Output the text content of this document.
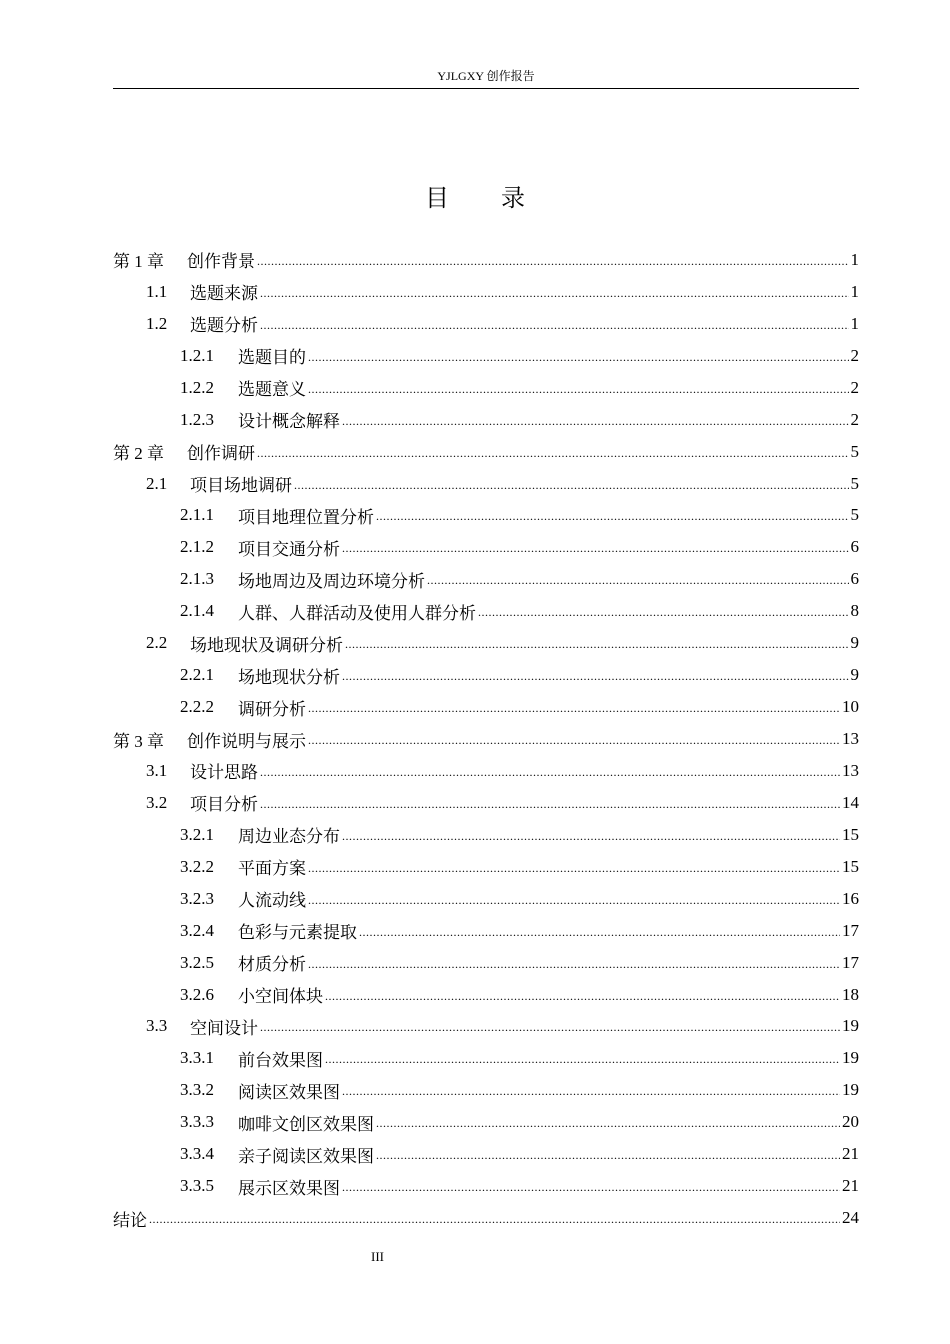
YJLGXY 创作报告
目 录
第 1 章	创作背景 .....	1
1.1	选题来源 .....	1
1.2	选题分析 .....	1
1.2.1	选题目的 .....	2
1.2.2	选题意义 .....	2
1.2.3	设计概念解释 .....	2
第 2 章	创作调研 .....	5
2.1	项目场地调研 .....	5
2.1.1	项目地理位置分析 .....	5
2.1.2	项目交通分析 .....	6
2.1.3	场地周边及周边环境分析 .....	6
2.1.4	人群、人群活动及使用人群分析 .....	8
2.2	场地现状及调研分析 .....	9
2.2.1	场地现状分析 .....	9
2.2.2	调研分析 .....	10
第 3 章	创作说明与展示 .....	13
3.1	设计思路 .....	13
3.2	项目分析 .....	14
3.2.1	周边业态分布 .....	15
3.2.2	平面方案 .....	15
3.2.3	人流动线 .....	16
3.2.4	色彩与元素提取 .....	17
3.2.5	材质分析 .....	17
3.2.6	小空间体块 .....	18
3.3	空间设计 .....	19
3.3.1	前台效果图 .....	19
3.3.2	阅读区效果图 .....	19
3.3.3	咖啡文创区效果图 .....	20
3.3.4	亲子阅读区效果图 .....	21
3.3.5	展示区效果图 .....	21
结论 .....	24
III
